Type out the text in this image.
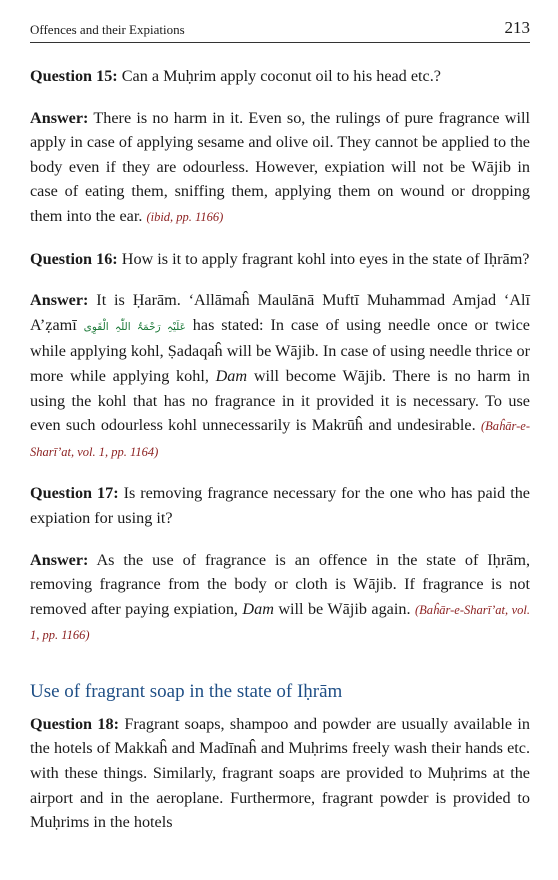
Offences and their Expiations	213

Question 15: Can a Muḥrim apply coconut oil to his head etc.?

Answer: There is no harm in it. Even so, the rulings of pure fragrance will apply in case of applying sesame and olive oil. They cannot be applied to the body even if they are odourless. However, expiation will not be Wājib in case of eating them, sniffing them, applying them on wound or dropping them into the ear. (ibid, pp. 1166)

Question 16: How is it to apply fragrant kohl into eyes in the state of Iḥrām?

Answer: It is Ḥarām. ‘Allāmaĥ Maulānā Muftī Muhammad Amjad ‘Alī A’ẓamī عَلَیْہِ رَحْمَۃُ اللّٰہِ الْقَوِی has stated: In case of using needle once or twice while applying kohl, Ṣadaqaĥ will be Wājib. In case of using needle thrice or more while applying kohl, Dam will become Wājib. There is no harm in using the kohl that has no fragrance in it provided it is necessary. To use even such odourless kohl unnecessarily is Makrūĥ and undesirable. (Baĥār-e-Sharī’at, vol. 1, pp. 1164)

Question 17: Is removing fragrance necessary for the one who has paid the expiation for using it?

Answer: As the use of fragrance is an offence in the state of Iḥrām, removing fragrance from the body or cloth is Wājib. If fragrance is not removed after paying expiation, Dam will be Wājib again. (Baĥār-e-Sharī’at, vol. 1, pp. 1166)

Use of fragrant soap in the state of Iḥrām

Question 18: Fragrant soaps, shampoo and powder are usually available in the hotels of Makkaĥ and Madīnaĥ and Muḥrims freely wash their hands etc. with these things. Similarly, fragrant soaps are provided to Muḥrims at the airport and in the aeroplane. Furthermore, fragrant powder is provided to Muḥrims in the hotels
